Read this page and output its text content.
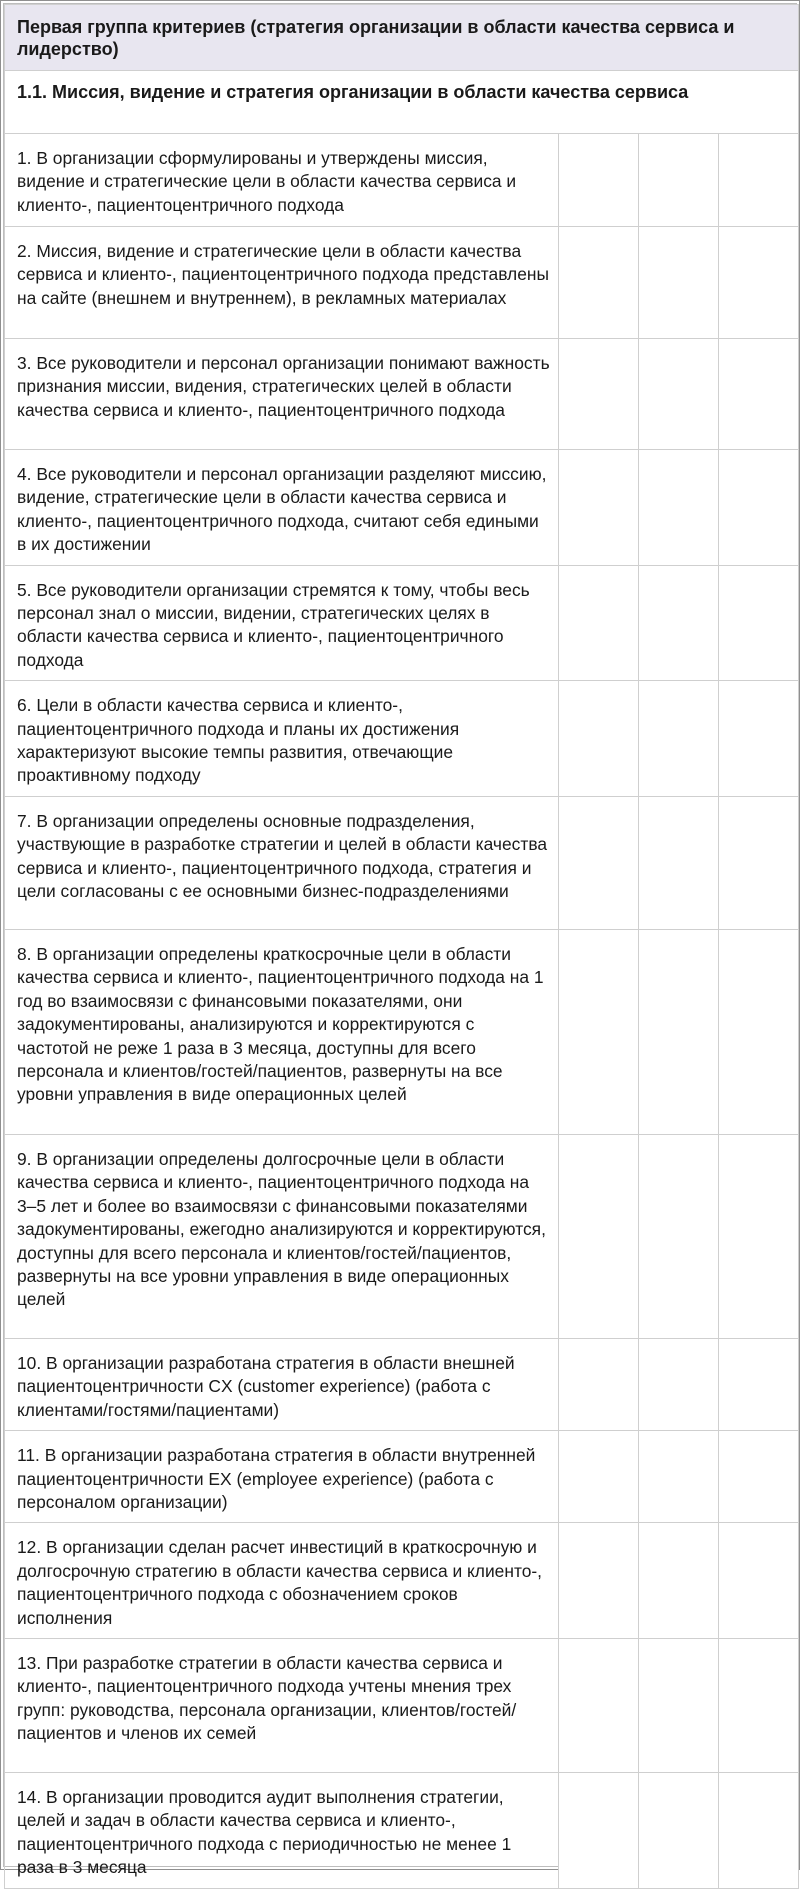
Первая группа критериев (стратегия организации в области качества сервиса и лидерство)			
1.1. Миссия, видение и стратегия организации в области качества сервиса			
1. В организации сформулированы и утверждены миссия, видение и стратегические цели в области качества сервиса и клиенто-, пациентоцентричного подхода			
2. Миссия, видение и стратегические цели в области качества сервиса и клиенто-, пациентоцентричного подхода представлены на сайте (внешнем и внутреннем), в рекламных материалах			
3. Все руководители и персонал организации понимают важность признания миссии, видения, стратегических целей в области качества сервиса и клиенто-, пациентоцентричного подхода			
4. Все руководители и персонал организации разделяют миссию, видение, стратегические цели в области качества сервиса и клиенто-, пациентоцентричного подхода, считают себя едиными в их достижении			
5. Все руководители организации стремятся к тому, чтобы весь персонал знал о миссии, видении, стратегических целях в области качества сервиса и клиенто-, пациентоцентричного подхода			
6. Цели в области качества сервиса и клиенто-, пациентоцентричного подхода и планы их достижения характеризуют высокие темпы развития, отвечающие проактивному подходу			
7. В организации определены основные подразделения, участвующие в разработке стратегии и целей в области качества сервиса и клиенто-, пациентоцентричного подхода, стратегия и цели согласованы с ее основными бизнес-подразделениями			
8. В организации определены краткосрочные цели в области качества сервиса и клиенто-, пациентоцентричного подхода на 1 год во взаимосвязи с финансовыми показателями, они задокументированы, анализируются и корректируются с частотой не реже 1 раза в 3 месяца, доступны для всего персонала и клиентов/гостей/пациентов, развернуты на все уровни управления в виде операционных целей			
9. В организации определены долгосрочные цели в области качества сервиса и клиенто-, пациентоцентричного подхода на 3–5 лет и более во взаимосвязи с финансовыми показателями задокументированы, ежегодно анализируются и корректируются, доступны для всего персонала и клиентов/гостей/пациентов, развернуты на все уровни управления в виде операционных целей			
10. В организации разработана стратегия в области внешней пациентоцентричности CX (customer experience) (работа с клиентами/гостями/пациентами)			
11. В организации разработана стратегия в области внутренней пациентоцентричности EX (employee experience) (работа с персоналом организации)			
12. В организации сделан расчет инвестиций в краткосрочную и долгосрочную стратегию в области качества сервиса и клиенто-, пациентоцентричного подхода с обозначением сроков исполнения			
13. При разработке стратегии в области качества сервиса и клиенто-, пациентоцентричного подхода учтены мнения трех групп: руководства, персонала организации, клиентов/гостей/пациентов и членов их семей			
14. В организации проводится аудит выполнения стратегии, целей и задач в области качества сервиса и клиенто-, пациентоцентричного подхода с периодичностью не менее 1 раза в 3 месяца			
